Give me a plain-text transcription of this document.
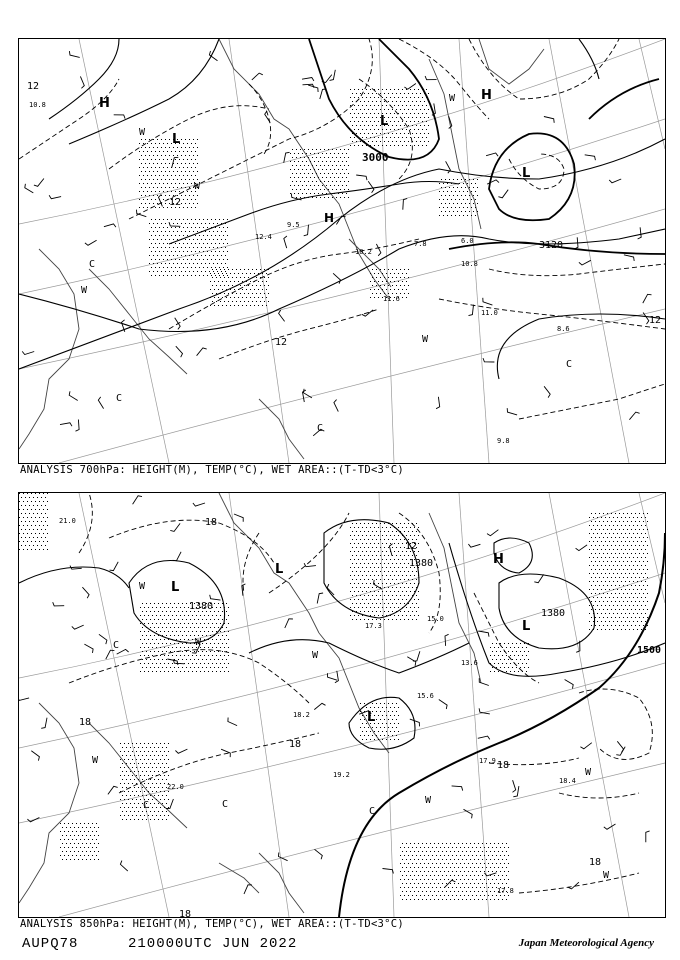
H
L
L
H
L
H
W
C
W
W
C
W
C
C
W
3000
3120
12
12
12
12
10.8
12.4
9.5
11.6
8.6
11.0
10.2
7.8	6.0
10.8
9.8
ANALYSIS 700hPa: HEIGHT(M), TEMP(°C), WET AREA::(T-TD<3°C)
L
L
H
L
L
W
W
C
W
W
C	W
C
W
C
W
1380
1380
1380
1500
18
18
18
12
18
18
18
21.0
18.2
19.2
17.3
15.0
13.6
22.0
17.9
18.4
17.8
15.6
ANALYSIS 850hPa: HEIGHT(M), TEMP(°C), WET AREA::(T-TD<3°C)
AUPQ78	210000UTC JUN 2022	Japan Meteorological Agency
